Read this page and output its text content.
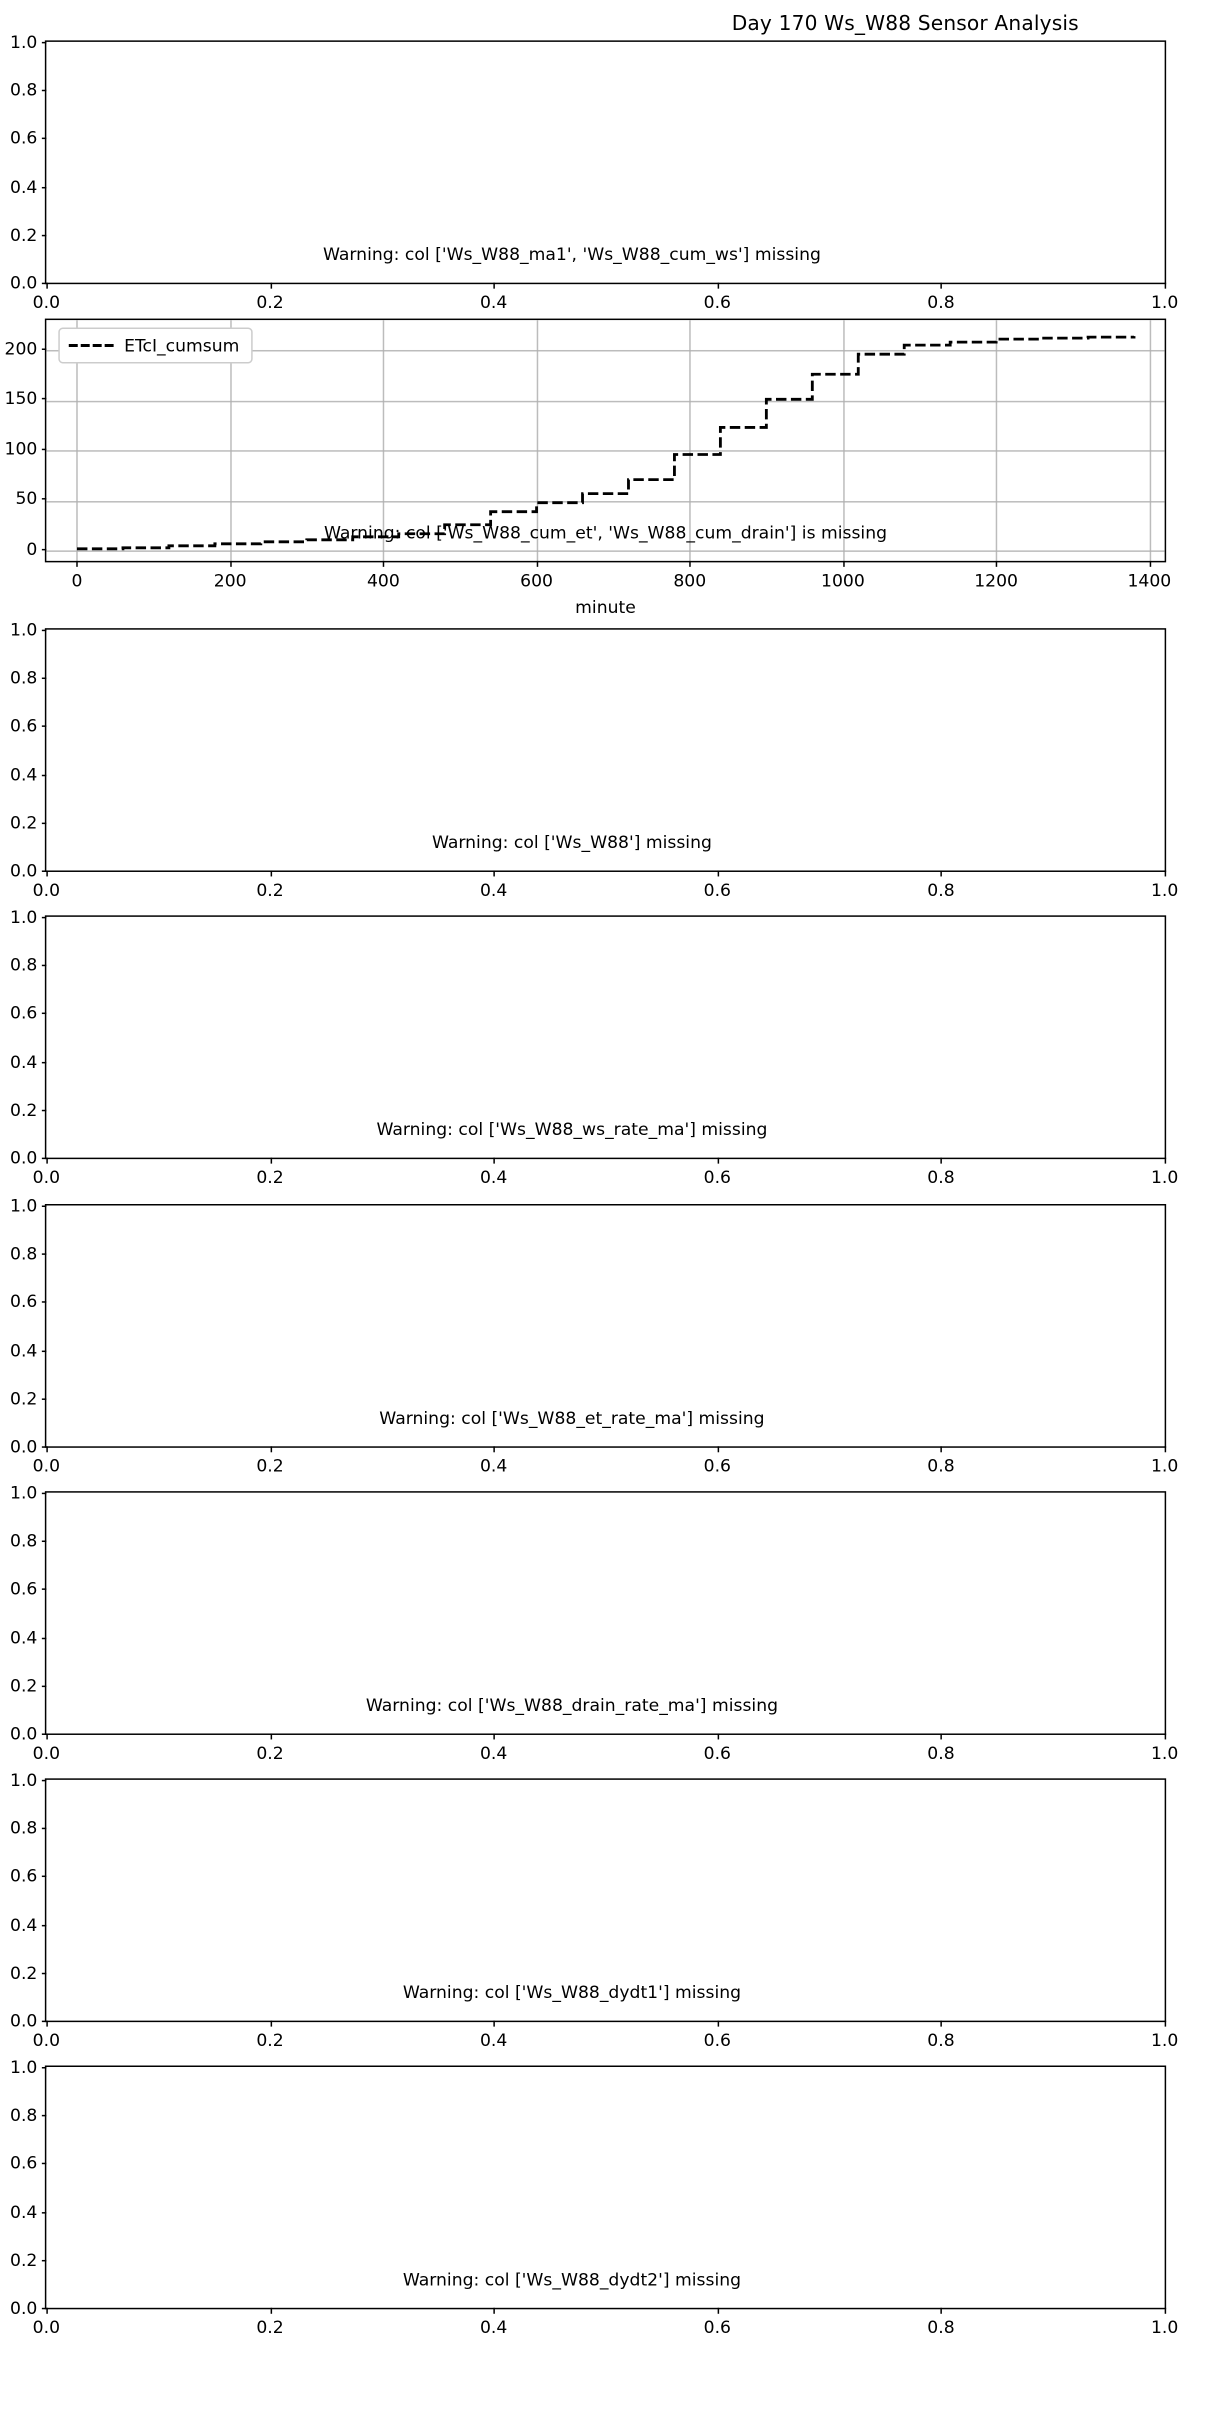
Day 170 Ws_W88 Sensor Analysis
Warning: col ['Ws_W88_ma1', 'Ws_W88_cum_ws'] missing
0.0
0.2
0.4
0.6
0.8
1.0
0.0	0.2	0.4	0.6	0.8	1.0
ETcI_cumsum
Warning: col ['Ws_W88_cum_et', 'Ws_W88_cum_drain'] is missing
minute
0
50
100
150
200
0	200	400	600	800	1000	1200	1400
Warning: col ['Ws_W88'] missing
0.0
0.2
0.4
0.6
0.8
1.0
0.0	0.2	0.4	0.6	0.8	1.0
Warning: col ['Ws_W88_ws_rate_ma'] missing
0.0
0.2
0.4
0.6
0.8
1.0
0.0	0.2	0.4	0.6	0.8	1.0
Warning: col ['Ws_W88_et_rate_ma'] missing
0.0
0.2
0.4
0.6
0.8
1.0
0.0	0.2	0.4	0.6	0.8	1.0
Warning: col ['Ws_W88_drain_rate_ma'] missing
0.0
0.2
0.4
0.6
0.8
1.0
0.0	0.2	0.4	0.6	0.8	1.0
Warning: col ['Ws_W88_dydt1'] missing
0.0
0.2
0.4
0.6
0.8
1.0
0.0	0.2	0.4	0.6	0.8	1.0
Warning: col ['Ws_W88_dydt2'] missing
0.0
0.2
0.4
0.6
0.8
1.0
0.0	0.2	0.4	0.6	0.8	1.0
